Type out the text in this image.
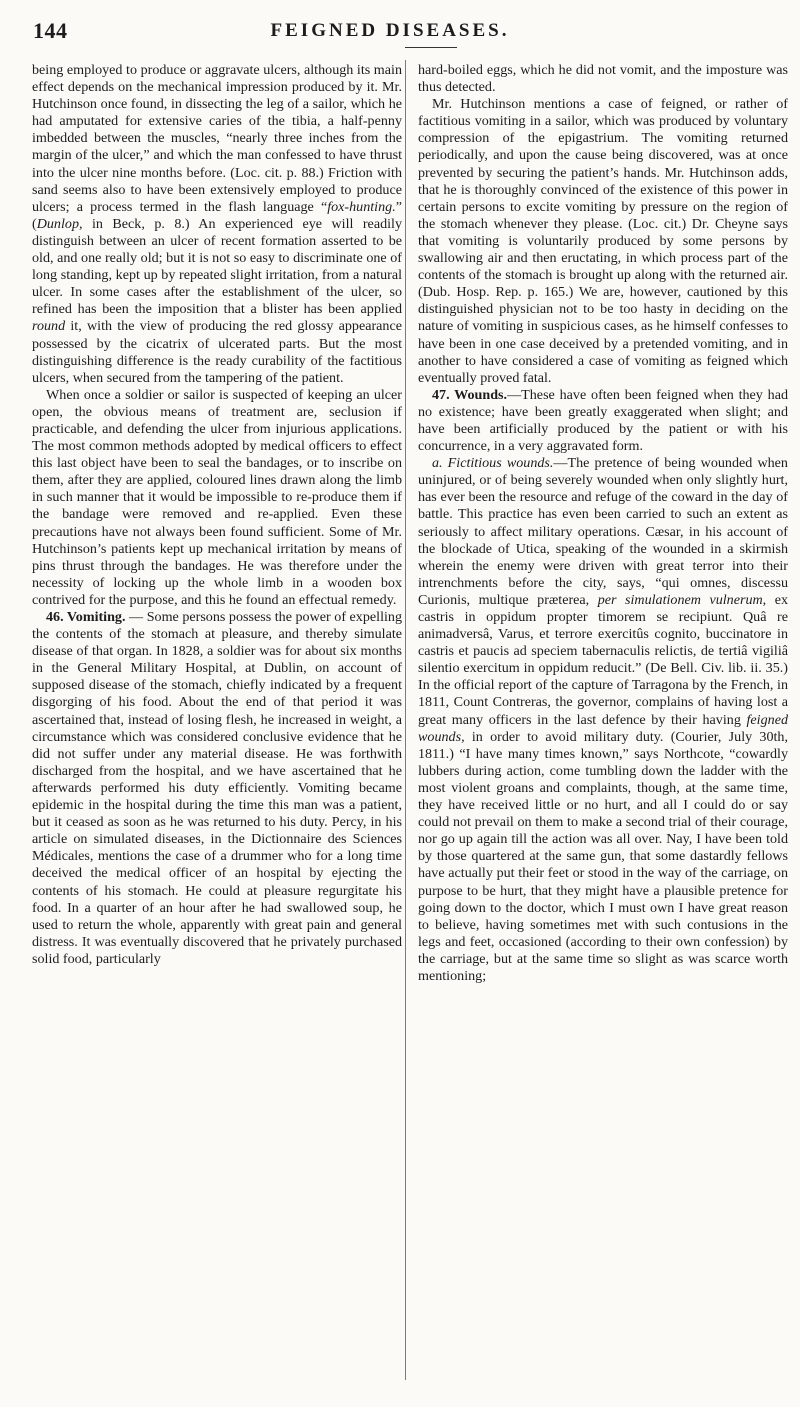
144	FEIGNED DISEASES.

being employed to produce or aggravate ulcers, although its main effect depends on the mechanical impression produced by it. Mr. Hutchinson once found, in dissecting the leg of a sailor, which he had amputated for extensive caries of the tibia, a half-penny imbedded between the muscles, “nearly three inches from the margin of the ulcer,” and which the man confessed to have thrust into the ulcer nine months before. (Loc. cit. p. 88.) Friction with sand seems also to have been extensively employed to produce ulcers; a process termed in the flash language “fox-hunting.” (Dunlop, in Beck, p. 8.) An experienced eye will readily distinguish between an ulcer of recent formation asserted to be old, and one really old; but it is not so easy to discriminate one of long standing, kept up by repeated slight irritation, from a natural ulcer. In some cases after the establishment of the ulcer, so refined has been the imposition that a blister has been applied round it, with the view of producing the red glossy appearance possessed by the cicatrix of ulcerated parts. But the most distinguishing difference is the ready curability of the factitious ulcers, when secured from the tampering of the patient.

When once a soldier or sailor is suspected of keeping an ulcer open, the obvious means of treatment are, seclusion if practicable, and defending the ulcer from injurious applications. The most common methods adopted by medical officers to effect this last object have been to seal the bandages, or to inscribe on them, after they are applied, coloured lines drawn along the limb in such manner that it would be impossible to re-produce them if the bandage were removed and re-applied. Even these precautions have not always been found sufficient. Some of Mr. Hutchinson’s patients kept up mechanical irritation by means of pins thrust through the bandages. He was therefore under the necessity of locking up the whole limb in a wooden box contrived for the purpose, and this he found an effectual remedy.

46. Vomiting. — Some persons possess the power of expelling the contents of the stomach at pleasure, and thereby simulate disease of that organ. In 1828, a soldier was for about six months in the General Military Hospital, at Dublin, on account of supposed disease of the stomach, chiefly indicated by a frequent disgorging of his food. About the end of that period it was ascertained that, instead of losing flesh, he increased in weight, a circumstance which was considered conclusive evidence that he did not suffer under any material disease. He was forthwith discharged from the hospital, and we have ascertained that he afterwards performed his duty efficiently. Vomiting became epidemic in the hospital during the time this man was a patient, but it ceased as soon as he was returned to his duty. Percy, in his article on simulated diseases, in the Dictionnaire des Sciences Médicales, mentions the case of a drummer who for a long time deceived the medical officer of an hospital by ejecting the contents of his stomach. He could at pleasure regurgitate his food. In a quarter of an hour after he had swallowed soup, he used to return the whole, apparently with great pain and general distress. It was eventually discovered that he privately purchased solid food, particularly

hard-boiled eggs, which he did not vomit, and the imposture was thus detected.

Mr. Hutchinson mentions a case of feigned, or rather of factitious vomiting in a sailor, which was produced by voluntary compression of the epigastrium. The vomiting returned periodically, and upon the cause being discovered, was at once prevented by securing the patient’s hands. Mr. Hutchinson adds, that he is thoroughly convinced of the existence of this power in certain persons to excite vomiting by pressure on the region of the stomach whenever they please. (Loc. cit.) Dr. Cheyne says that vomiting is voluntarily produced by some persons by swallowing air and then eructating, in which process part of the contents of the stomach is brought up along with the returned air. (Dub. Hosp. Rep. p. 165.) We are, however, cautioned by this distinguished physician not to be too hasty in deciding on the nature of vomiting in suspicious cases, as he himself confesses to have been in one case deceived by a pretended vomiting, and in another to have considered a case of vomiting as feigned which eventually proved fatal.

47. Wounds.—These have often been feigned when they had no existence; have been greatly exaggerated when slight; and have been artificially produced by the patient or with his concurrence, in a very aggravated form.

a. Fictitious wounds.—The pretence of being wounded when uninjured, or of being severely wounded when only slightly hurt, has ever been the resource and refuge of the coward in the day of battle. This practice has even been carried to such an extent as seriously to affect military operations. Cæsar, in his account of the blockade of Utica, speaking of the wounded in a skirmish wherein the enemy were driven with great terror into their intrenchments before the city, says, “qui omnes, discessu Curionis, multique præterea, per simulationem vulnerum, ex castris in oppidum propter timorem se recipiunt. Quâ re animadversâ, Varus, et terrore exercitûs cognito, buccinatore in castris et paucis ad speciem tabernaculis relictis, de tertiâ vigiliâ silentio exercitum in oppidum reducit.” (De Bell. Civ. lib. ii. 35.) In the official report of the capture of Tarragona by the French, in 1811, Count Contreras, the governor, complains of having lost a great many officers in the last defence by their having feigned wounds, in order to avoid military duty. (Courier, July 30th, 1811.) “I have many times known,” says Northcote, “cowardly lubbers during action, come tumbling down the ladder with the most violent groans and complaints, though, at the same time, they have received little or no hurt, and all I could do or say could not prevail on them to make a second trial of their courage, nor go up again till the action was all over. Nay, I have been told by those quartered at the same gun, that some dastardly fellows have actually put their feet or stood in the way of the carriage, on purpose to be hurt, that they might have a plausible pretence for going down to the doctor, which I must own I have great reason to believe, having sometimes met with such contusions in the legs and feet, occasioned (according to their own confession) by the carriage, but at the same time so slight as was scarce worth mentioning;
